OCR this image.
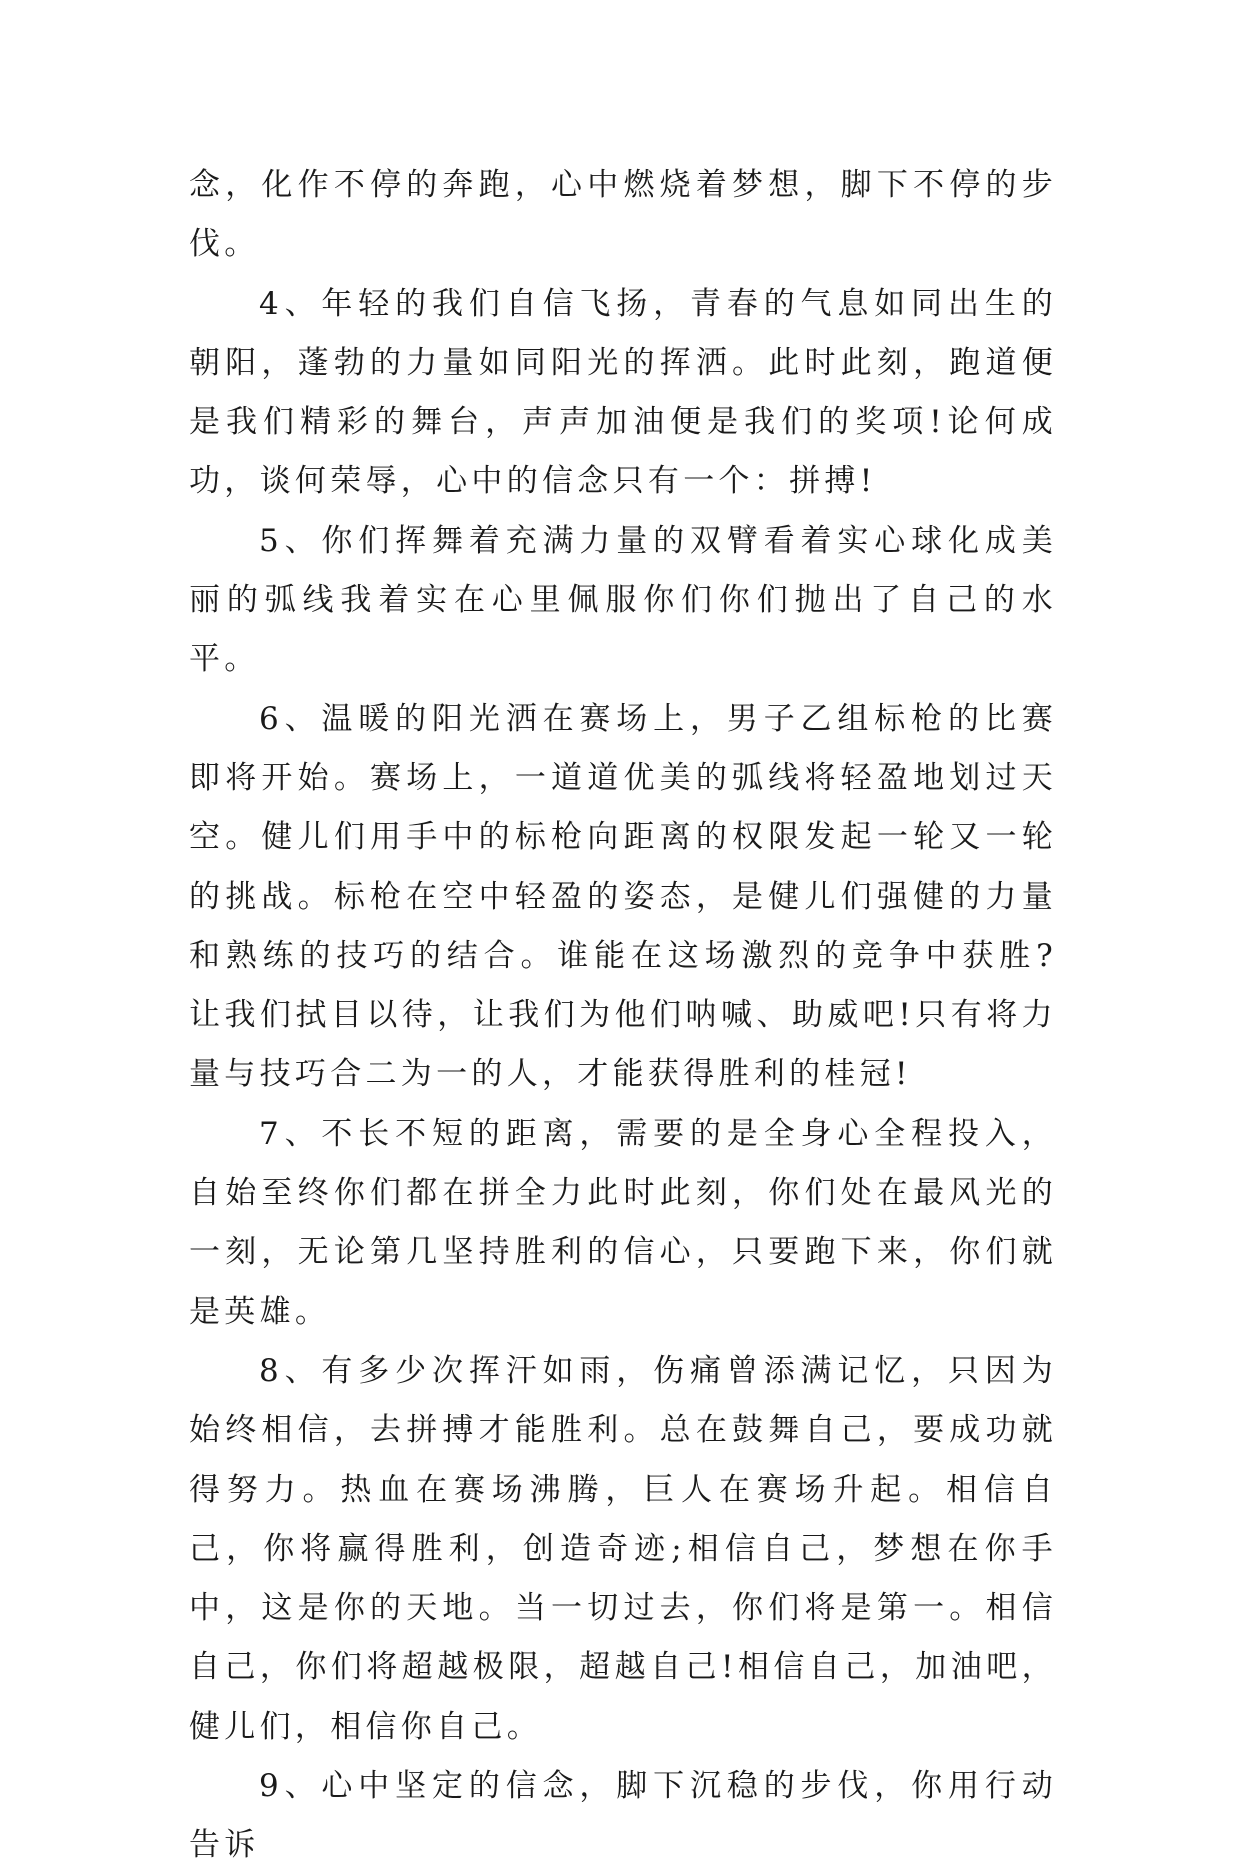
念，化作不停的奔跑，心中燃烧着梦想，脚下不停的步伐。

4、年轻的我们自信飞扬，青春的气息如同出生的朝阳，蓬勃的力量如同阳光的挥洒。此时此刻，跑道便是我们精彩的舞台，声声加油便是我们的奖项!论何成功，谈何荣辱，心中的信念只有一个：拼搏!

5、你们挥舞着充满力量的双臂看着实心球化成美丽的弧线我着实在心里佩服你们你们抛出了自己的水平。

6、温暖的阳光洒在赛场上，男子乙组标枪的比赛即将开始。赛场上，一道道优美的弧线将轻盈地划过天空。健儿们用手中的标枪向距离的权限发起一轮又一轮的挑战。标枪在空中轻盈的姿态，是健儿们强健的力量和熟练的技巧的结合。谁能在这场激烈的竞争中获胜?让我们拭目以待，让我们为他们呐喊、助威吧!只有将力量与技巧合二为一的人，才能获得胜利的桂冠!

7、不长不短的距离，需要的是全身心全程投入，自始至终你们都在拼全力此时此刻，你们处在最风光的一刻，无论第几坚持胜利的信心，只要跑下来，你们就是英雄。

8、有多少次挥汗如雨，伤痛曾添满记忆，只因为始终相信，去拼搏才能胜利。总在鼓舞自己，要成功就得努力。热血在赛场沸腾，巨人在赛场升起。相信自己，你将赢得胜利，创造奇迹;相信自己，梦想在你手中，这是你的天地。当一切过去，你们将是第一。相信自己，你们将超越极限，超越自己!相信自己，加油吧，健儿们，相信你自己。

9、心中坚定的信念，脚下沉稳的步伐，你用行动告诉
